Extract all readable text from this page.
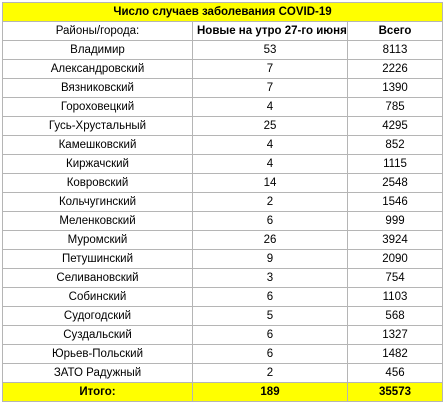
Число случаев заболевания COVID-19		
Районы/города:	Новые на утро 27-го июня	Всего
Владимир	53	8113
Александровский	7	2226
Вязниковский	7	1390
Гороховецкий	4	785
Гусь-Хрустальный	25	4295
Камешковский	4	852
Киржачский	4	1115
Ковровский	14	2548
Кольчугинский	2	1546
Меленковский	6	999
Муромский	26	3924
Петушинский	9	2090
Селивановский	3	754
Собинский	6	1103
Судогодский	5	568
Суздальский	6	1327
Юрьев-Польский	6	1482
ЗАТО Радужный	2	456
Итого:	189	35573
